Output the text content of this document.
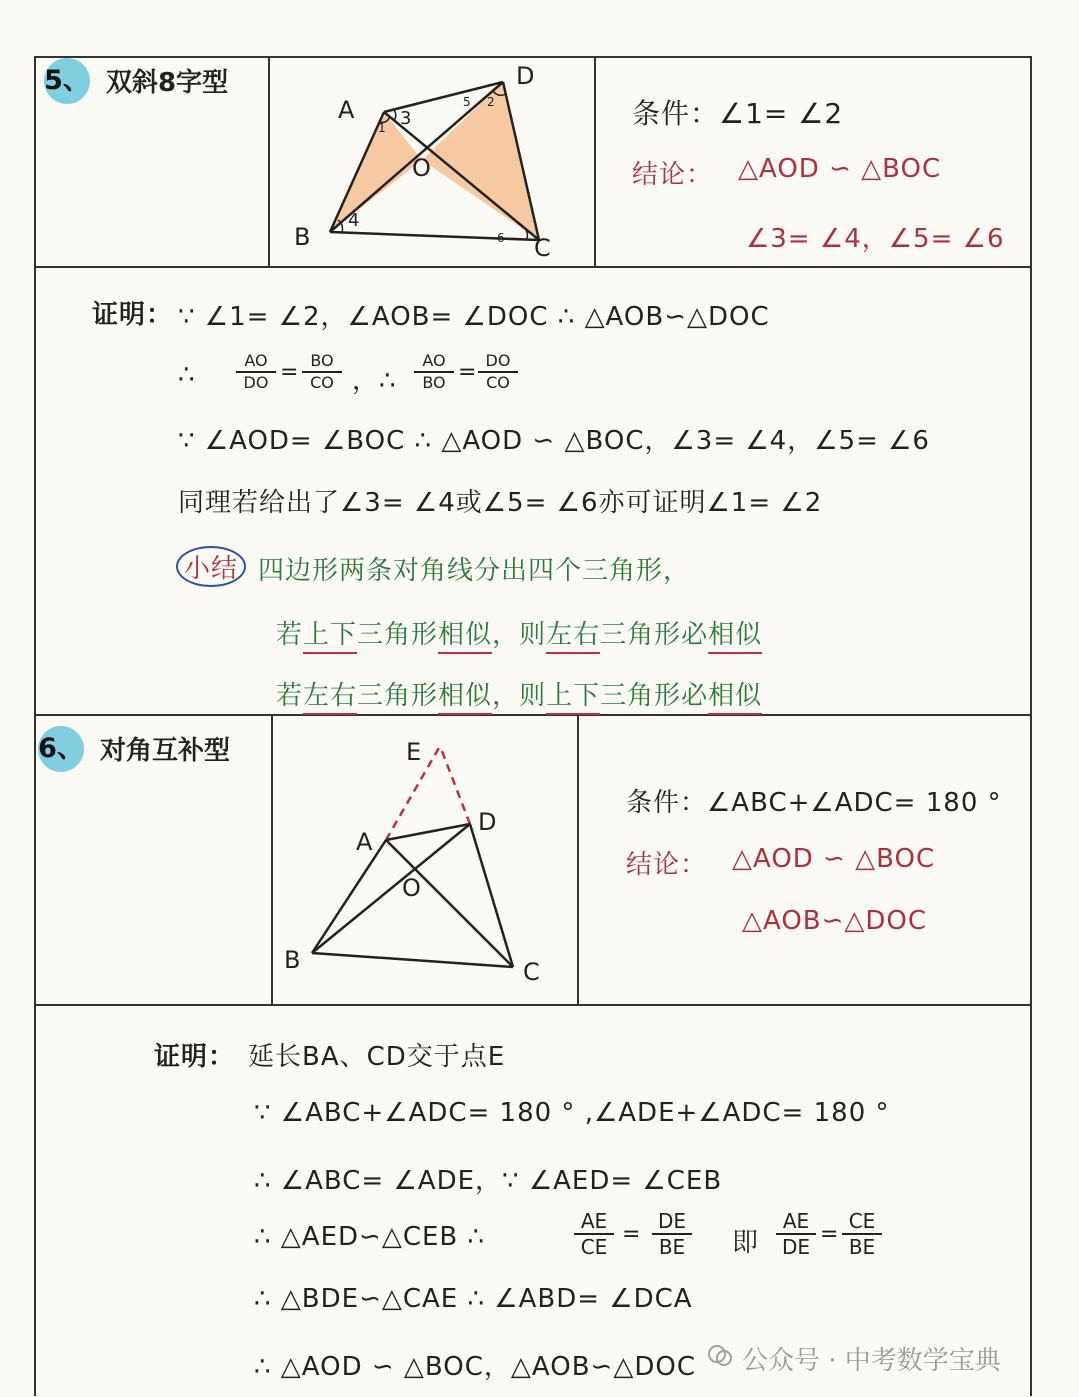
5、 双斜8字型
A
D
B	C
O
1 3
5 2
4
6
条件：∠1= ∠2
结论： △AOD ∽ △BOC
∠3= ∠4，∠5= ∠6
证明： ∵ ∠1= ∠2，∠AOB= ∠DOC ∴ △AOB∽△DOC
∴	$\frac{AO}{DO} = \frac{BO}{CO}$ ，∴ $\frac{AO}{BO} = \frac{DO}{CO}$
∵ ∠AOD= ∠BOC ∴ △AOD ∽ △BOC，∠3= ∠4，∠5= ∠6
同理若给出了∠3= ∠4或∠5= ∠6亦可证明∠1= ∠2
小结 四边形两条对角线分出四个三角形，
若上下三角形相似，则左右三角形必相似
若左右三角形相似，则上下三角形必相似
6、 对角互补型	E
A
D
O
B	C
条件：∠ABC+∠ADC= 180 °
结论： △AOD ∽ △BOC
△AOB∽△DOC
证明： 延长BA、CD交于点E
∵ ∠ABC+∠ADC= 180 ° ,∠ADE+∠ADC= 180 °
∴ ∠ABC= ∠ADE，∵ ∠AED= ∠CEB
∴ △AED∽△CEB ∴	$\frac{AE}{CE} = \frac{DE}{BE}$ 即 $\frac{AE}{DE} = \frac{CE}{BE}$
∴ △BDE∽△CAE ∴ ∠ABD= ∠DCA
∴ △AOD ∽ △BOC，△AOB∽△DOC 公众号 · 中考数学宝典
